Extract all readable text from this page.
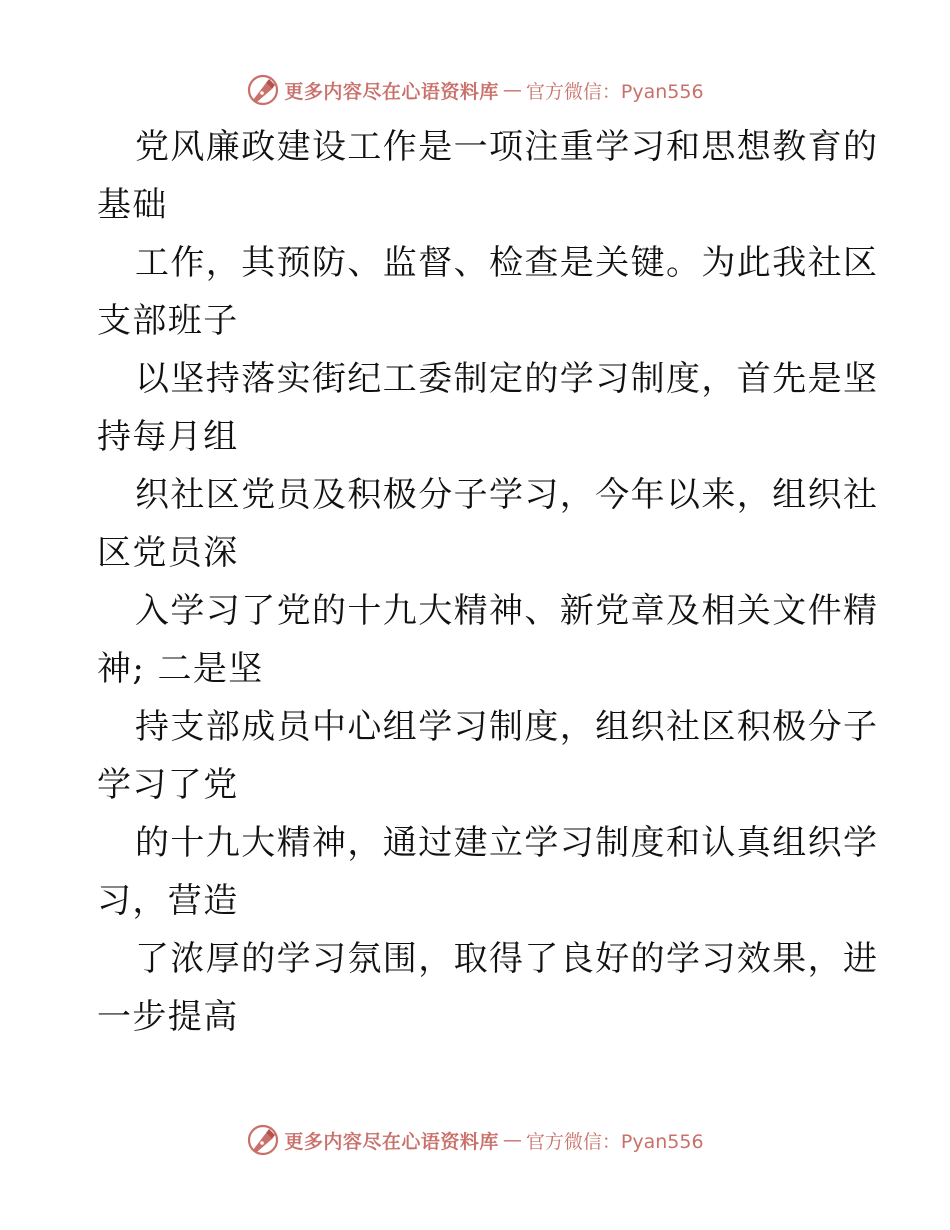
更多内容尽在心语资料库 — 官方微信：Pyan556
党风廉政建设工作是一项注重学习和思想教育的
基础
工作，其预防、监督、检查是关键。为此我社区
支部班子
以坚持落实街纪工委制定的学习制度，首先是坚
持每月组
织社区党员及积极分子学习，今年以来，组织社
区党员深
入学习了党的十九大精神、新党章及相关文件精
神; 二是坚
持支部成员中心组学习制度，组织社区积极分子
学习了党
的十九大精神，通过建立学习制度和认真组织学
习，营造
了浓厚的学习氛围，取得了良好的学习效果，进
一步提高
更多内容尽在心语资料库 — 官方微信：Pyan556
